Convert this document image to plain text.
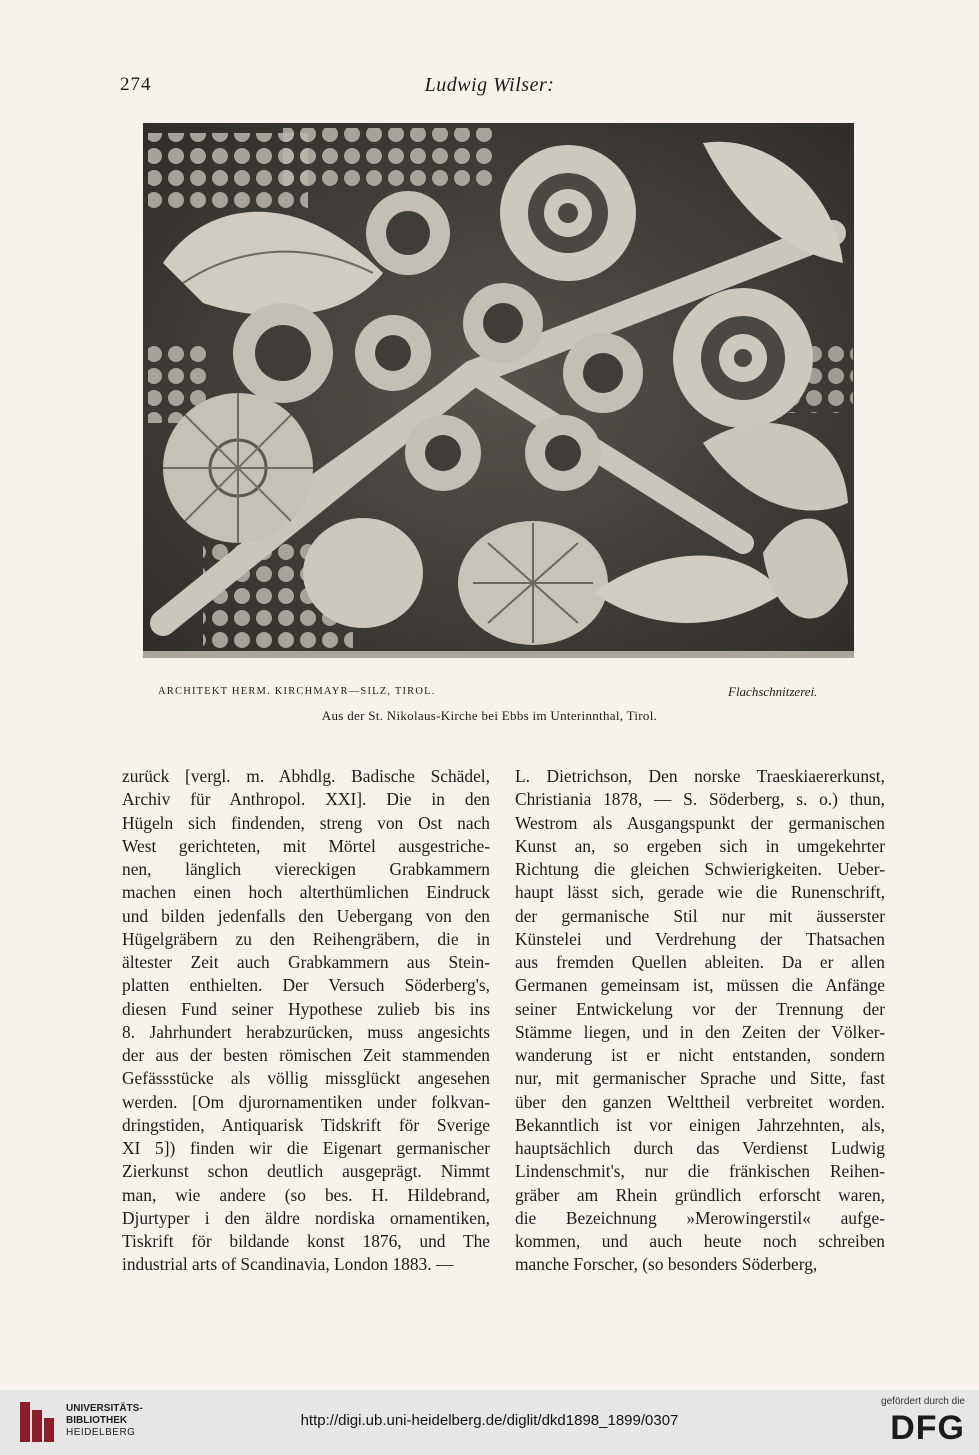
274	Ludwig Wilser:
ARCHITEKT HERM. KIRCHMAYR—SILZ, TIROL.	Flachschnitzerei.
Aus der St. Nikolaus-Kirche bei Ebbs im Unterinnthal, Tirol.
zurück [vergl. m. Abhdlg. Badische Schädel,
Archiv für Anthropol. XXI]. Die in den
Hügeln sich findenden, streng von Ost nach
West gerichteten, mit Mörtel ausgestriche-
nen, länglich viereckigen Grabkammern
machen einen hoch alterthümlichen Eindruck
und bilden jedenfalls den Uebergang von den
Hügelgräbern zu den Reihengräbern, die in
ältester Zeit auch Grabkammern aus Stein-
platten enthielten. Der Versuch Söderberg's,
diesen Fund seiner Hypothese zulieb bis ins
8. Jahrhundert herabzurücken, muss angesichts
der aus der besten römischen Zeit stammenden
Gefässstücke als völlig missglückt angesehen
werden. [Om djurornamentiken under folkvan-
dringstiden, Antiquarisk Tidskrift för Sverige
XI 5]) finden wir die Eigenart germanischer
Zierkunst schon deutlich ausgeprägt. Nimmt
man, wie andere (so bes. H. Hildebrand,
Djurtyper i den äldre nordiska ornamentiken,
Tiskrift för bildande konst 1876, und The
industrial arts of Scandinavia, London 1883. —
L. Dietrichson, Den norske Traeskiaererkunst,
Christiania 1878, — S. Söderberg, s. o.) thun,
Westrom als Ausgangspunkt der germanischen
Kunst an, so ergeben sich in umgekehrter
Richtung die gleichen Schwierigkeiten. Ueber-
haupt lässt sich, gerade wie die Runenschrift,
der germanische Stil nur mit äusserster
Künstelei und Verdrehung der Thatsachen
aus fremden Quellen ableiten. Da er allen
Germanen gemeinsam ist, müssen die Anfänge
seiner Entwickelung vor der Trennung der
Stämme liegen, und in den Zeiten der Völker-
wanderung ist er nicht entstanden, sondern
nur, mit germanischer Sprache und Sitte, fast
über den ganzen Welttheil verbreitet worden.
Bekanntlich ist vor einigen Jahrzehnten, als,
hauptsächlich durch das Verdienst Ludwig
Lindenschmit's, nur die fränkischen Reihen-
gräber am Rhein gründlich erforscht waren,
die Bezeichnung »Merowingerstil« aufge-
kommen, und auch heute noch schreiben
manche Forscher, (so besonders Söderberg,
UNIVERSITÄTS-
BIBLIOTHEK
HEIDELBERG
http://digi.ub.uni-heidelberg.de/diglit/dkd1898_1899/0307
gefördert durch die
DFG
